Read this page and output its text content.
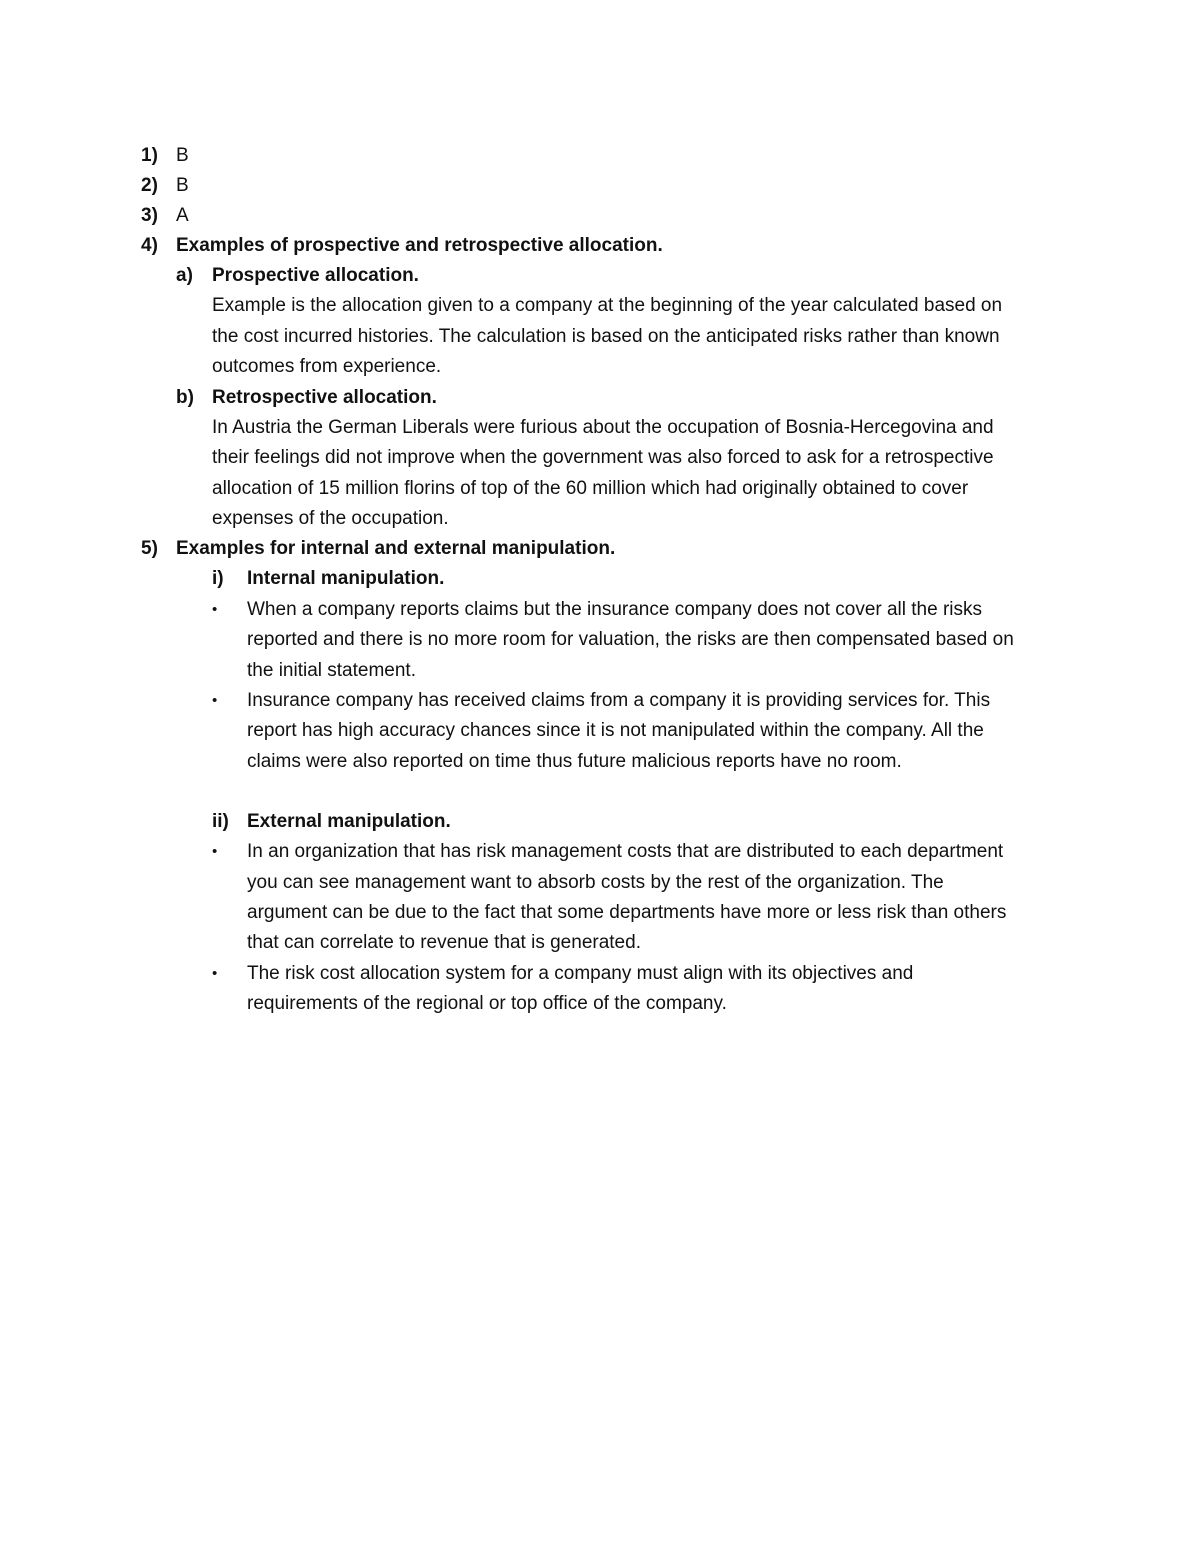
1) B
2) B
3) A
4) Examples of prospective and retrospective allocation.
a) Prospective allocation.
Example is the allocation given to a company at the beginning of the year calculated based on
the cost incurred histories. The calculation is based on the anticipated risks rather than known
outcomes from experience.
b) Retrospective allocation.
In Austria the German Liberals were furious about the occupation of Bosnia-Hercegovina and
their feelings did not improve when the government was also forced to ask for a retrospective
allocation of 15 million florins of top of the 60 million which had originally obtained to cover
expenses of the occupation.
5) Examples for internal and external manipulation.
i) Internal manipulation.
• When a company reports claims but the insurance company does not cover all the risks
reported and there is no more room for valuation, the risks are then compensated based on
the initial statement.
• Insurance company has received claims from a company it is providing services for. This
report has high accuracy chances since it is not manipulated within the company. All the
claims were also reported on time thus future malicious reports have no room.
ii) External manipulation.
• In an organization that has risk management costs that are distributed to each department
you can see management want to absorb costs by the rest of the organization. The
argument can be due to the fact that some departments have more or less risk than others
that can correlate to revenue that is generated.
• The risk cost allocation system for a company must align with its objectives and
requirements of the regional or top office of the company.
